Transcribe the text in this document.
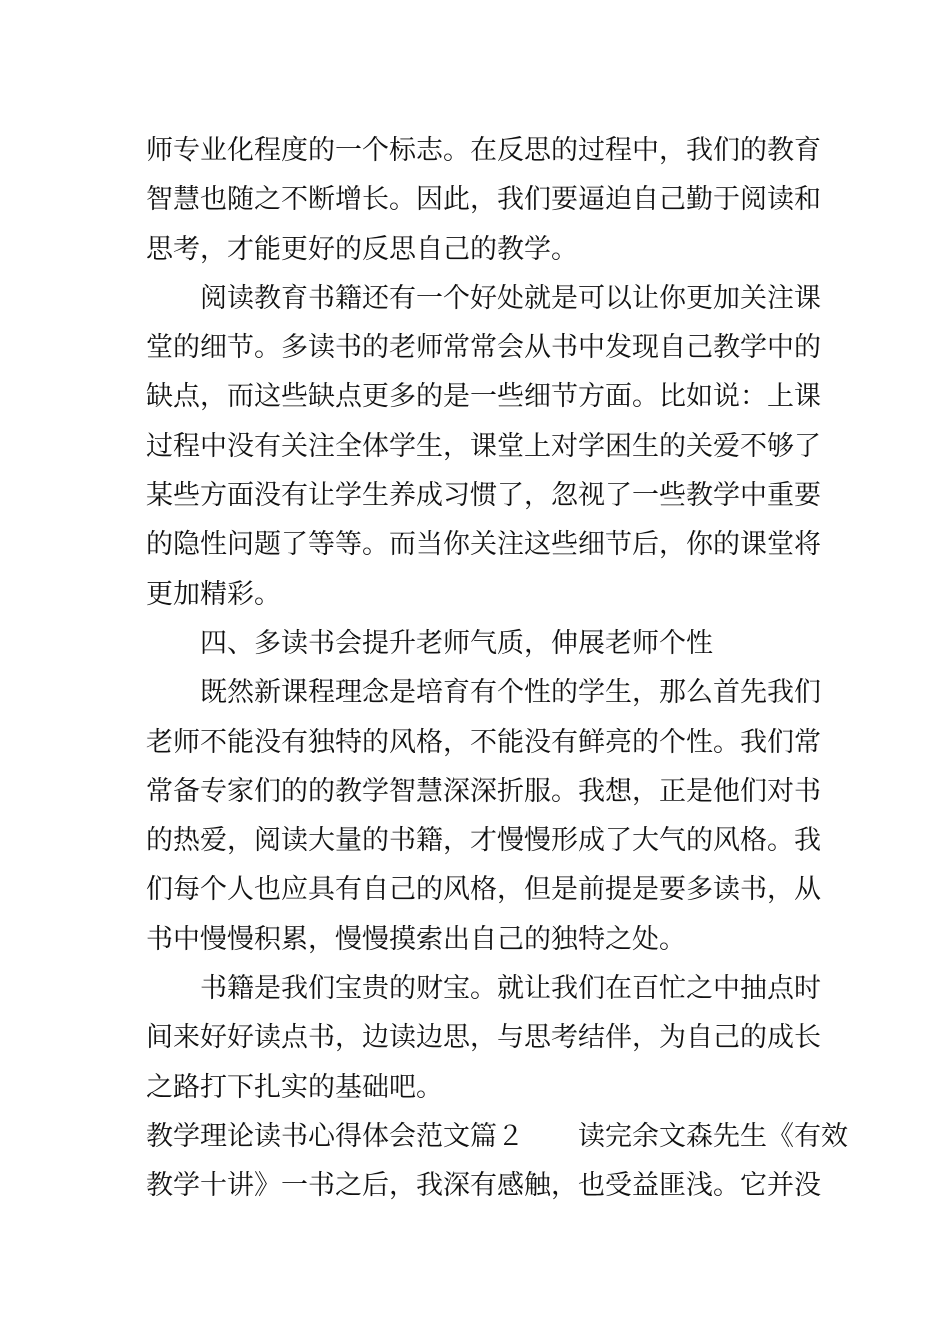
师专业化程度的一个标志。在反思的过程中，我们的教育
智慧也随之不断增长。因此，我们要逼迫自己勤于阅读和
思考，才能更好的反思自己的教学。
阅读教育书籍还有一个好处就是可以让你更加关注课
堂的细节。多读书的老师常常会从书中发现自己教学中的
缺点，而这些缺点更多的是一些细节方面。比如说：上课
过程中没有关注全体学生，课堂上对学困生的关爱不够了
某些方面没有让学生养成习惯了，忽视了一些教学中重要
的隐性问题了等等。而当你关注这些细节后，你的课堂将
更加精彩。
四、多读书会提升老师气质，伸展老师个性
既然新课程理念是培育有个性的学生，那么首先我们
老师不能没有独特的风格，不能没有鲜亮的个性。我们常
常备专家们的的教学智慧深深折服。我想，正是他们对书
的热爱，阅读大量的书籍，才慢慢形成了大气的风格。我
们每个人也应具有自己的风格，但是前提是要多读书，从
书中慢慢积累，慢慢摸索出自己的独特之处。
书籍是我们宝贵的财宝。就让我们在百忙之中抽点时
间来好好读点书，边读边思，与思考结伴，为自己的成长
之路打下扎实的基础吧。
教学理论读书心得体会范文篇２　　读完余文森先生《有效
教学十讲》一书之后，我深有感触，也受益匪浅。它并没
